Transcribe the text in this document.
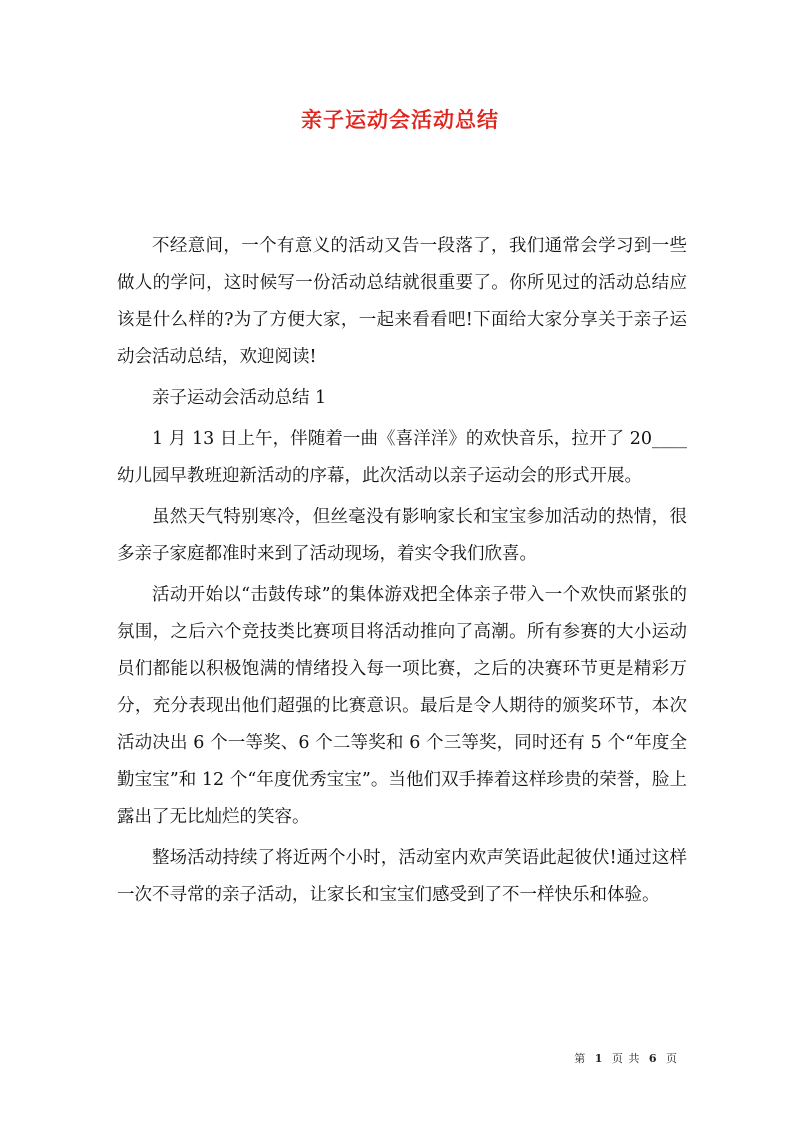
亲子运动会活动总结

不经意间，一个有意义的活动又告一段落了，我们通常会学习到一些做人的学问，这时候写一份活动总结就很重要了。你所见过的活动总结应该是什么样的?为了方便大家，一起来看看吧!下面给大家分享关于亲子运动会活动总结，欢迎阅读!

亲子运动会活动总结 1

1 月 13 日上午，伴随着一曲《喜洋洋》的欢快音乐，拉开了 20____幼儿园早教班迎新活动的序幕，此次活动以亲子运动会的形式开展。

虽然天气特别寒冷，但丝毫没有影响家长和宝宝参加活动的热情，很多亲子家庭都准时来到了活动现场，着实令我们欣喜。

活动开始以“击鼓传球”的集体游戏把全体亲子带入一个欢快而紧张的氛围，之后六个竞技类比赛项目将活动推向了高潮。所有参赛的大小运动员们都能以积极饱满的情绪投入每一项比赛，之后的决赛环节更是精彩万分，充分表现出他们超强的比赛意识。最后是令人期待的颁奖环节，本次活动决出 6 个一等奖、6 个二等奖和 6 个三等奖，同时还有 5 个“年度全勤宝宝”和 12 个“年度优秀宝宝”。当他们双手捧着这样珍贵的荣誉，脸上露出了无比灿烂的笑容。

整场活动持续了将近两个小时，活动室内欢声笑语此起彼伏!通过这样一次不寻常的亲子活动，让家长和宝宝们感受到了不一样快乐和体验。

第 1 页 共 6 页
